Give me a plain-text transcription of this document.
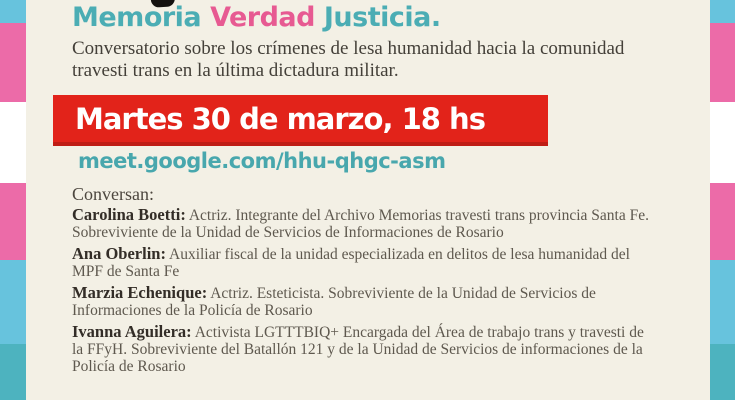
Memoria Verdad Justicia.
Conversatorio sobre los crímenes de lesa humanidad hacia la comunidad travesti trans en la última dictadura militar.
Martes 30 de marzo, 18 hs
meet.google.com/hhu-qhgc-asm
Conversan:
Carolina Boetti: Actriz. Integrante del Archivo Memorias travesti trans provincia Santa Fe. Sobreviviente de la Unidad de Servicios de Informaciones de Rosario
Ana Oberlin: Auxiliar fiscal de la unidad especializada en delitos de lesa humanidad del MPF de Santa Fe
Marzia Echenique: Actriz. Esteticista. Sobreviviente de la Unidad de Servicios de Informaciones de la Policía de Rosario
Ivanna Aguilera: Activista LGTTTBIQ+ Encargada del Área de trabajo trans y travesti de la FFyH. Sobreviviente del Batallón 121 y de la Unidad de Servicios de informaciones de la Policía de Rosario
